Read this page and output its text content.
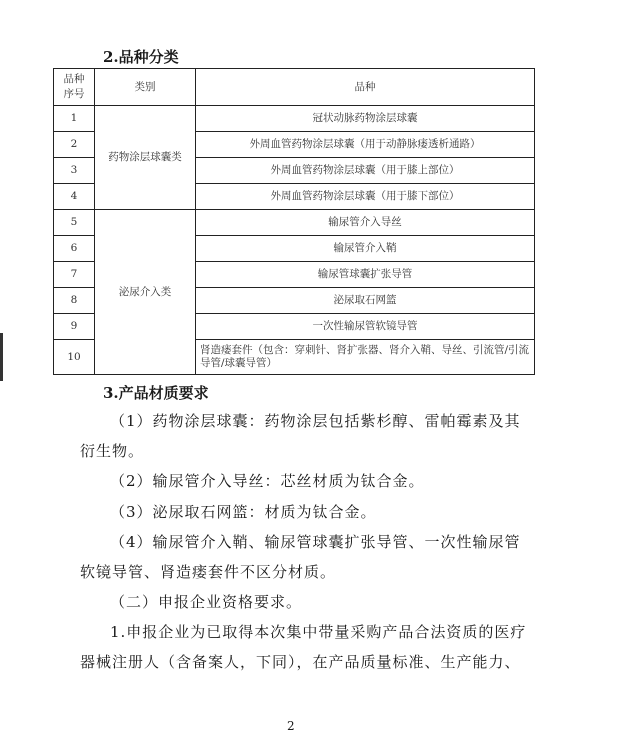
2.品种分类
品种序号	类别	品种
1	药物涂层球囊类	冠状动脉药物涂层球囊
2		外周血管药物涂层球囊（用于动静脉瘘透析通路）
3		外周血管药物涂层球囊（用于膝上部位）
4		外周血管药物涂层球囊（用于膝下部位）
5	泌尿介入类	输尿管介入导丝
6		输尿管介入鞘
7		输尿管球囊扩张导管
8		泌尿取石网篮
9		一次性输尿管软镜导管
10		肾造瘘套件（包含：穿刺针、肾扩张器、肾介入鞘、导丝、引流管/引流导管/球囊导管）
3.产品材质要求
（1）药物涂层球囊：药物涂层包括紫杉醇、雷帕霉素及其衍生物。
（2）输尿管介入导丝：芯丝材质为钛合金。
（3）泌尿取石网篮：材质为钛合金。
（4）输尿管介入鞘、输尿管球囊扩张导管、一次性输尿管软镜导管、肾造瘘套件不区分材质。
（二）申报企业资格要求。
1.申报企业为已取得本次集中带量采购产品合法资质的医疗器械注册人（含备案人，下同），在产品质量标准、生产能力、
2
